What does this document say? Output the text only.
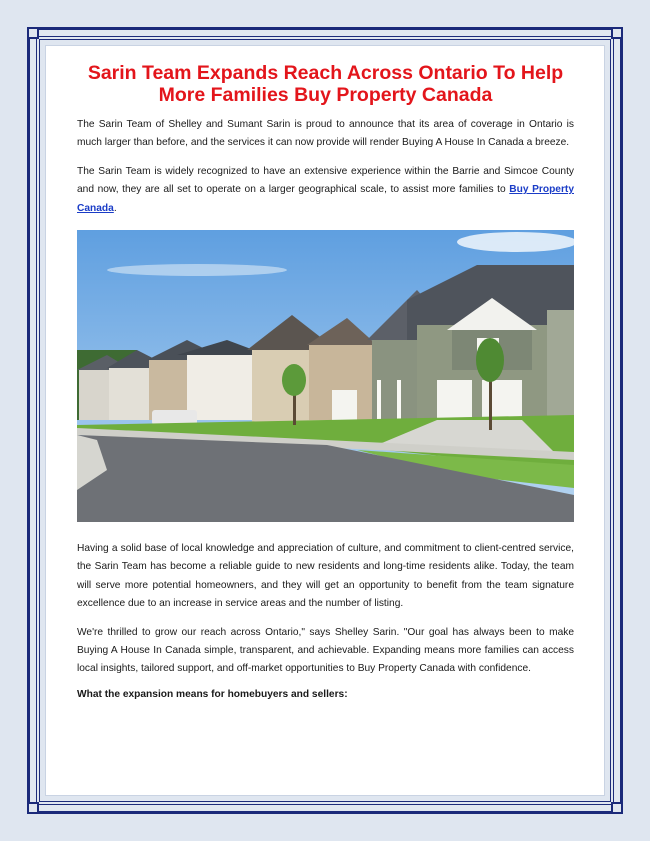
Sarin Team Expands Reach Across Ontario To Help More Families Buy Property Canada

The Sarin Team of Shelley and Sumant Sarin is proud to announce that its area of coverage in Ontario is much larger than before, and the services it can now provide will render Buying A House In Canada a breeze.

The Sarin Team is widely recognized to have an extensive experience within the Barrie and Simcoe County and now, they are all set to operate on a larger geographical scale, to assist more families to Buy Property Canada.

Having a solid base of local knowledge and appreciation of culture, and commitment to client-centred service, the Sarin Team has become a reliable guide to new residents and long-time residents alike. Today, the team will serve more potential homeowners, and they will get an opportunity to benefit from the team signature excellence due to an increase in service areas and the number of listing.

We're thrilled to grow our reach across Ontario," says Shelley Sarin. "Our goal has always been to make Buying A House In Canada simple, transparent, and achievable. Expanding means more families can access local insights, tailored support, and off-market opportunities to Buy Property Canada with confidence.

What the expansion means for homebuyers and sellers:
